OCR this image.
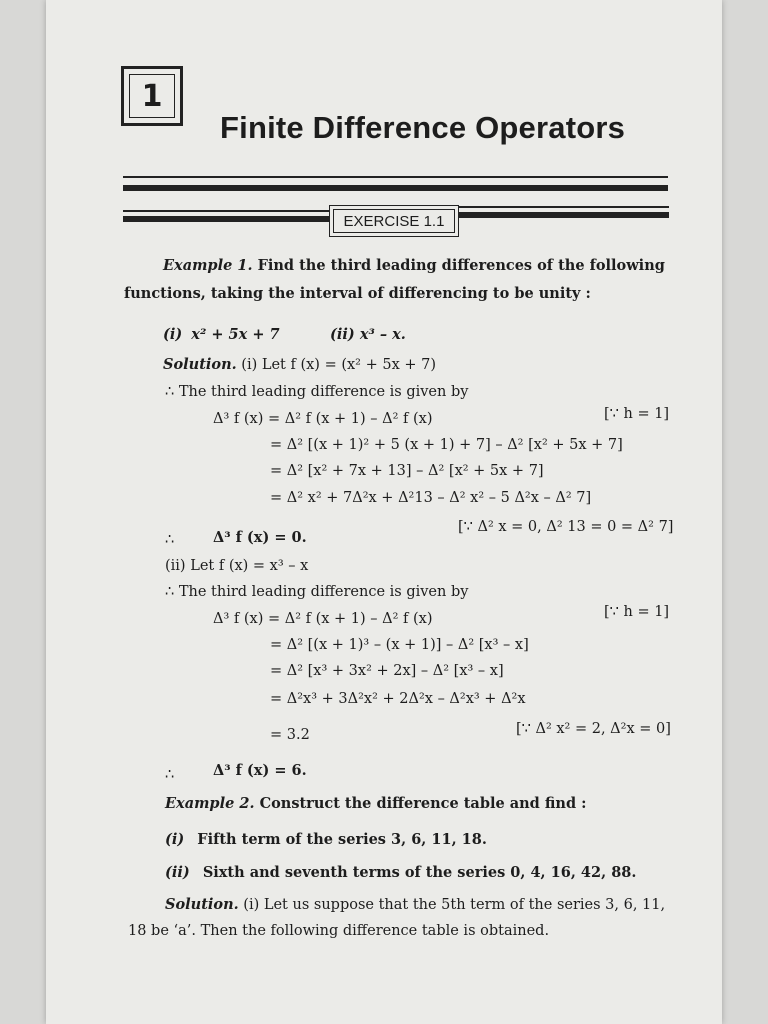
1
Finite Difference Operators
EXERCISE 1.1
Example 1. Find the third leading differences of the following
functions, taking the interval of differencing to be unity :
(i) x² + 5x + 7	(ii) x³ – x.
Solution. (i) Let f (x) = (x² + 5x + 7)
∴ The third leading difference is given by
Δ³ f (x) = Δ² f (x + 1) – Δ² f (x)	[∵ h = 1]
= Δ² [(x + 1)² + 5 (x + 1) + 7] – Δ² [x² + 5x + 7]
= Δ² [x² + 7x + 13] – Δ² [x² + 5x + 7]
= Δ² x² + 7Δ²x + Δ²13 – Δ² x² – 5 Δ²x – Δ² 7]
∴	Δ³ f (x) = 0.
[∵ Δ² x = 0, Δ² 13 = 0 = Δ² 7]
(ii) Let f (x) = x³ – x
∴ The third leading difference is given by
Δ³ f (x) = Δ² f (x + 1) – Δ² f (x)	[∵ h = 1]
= Δ² [(x + 1)³ – (x + 1)] – Δ² [x³ – x]
= Δ² [x³ + 3x² + 2x] – Δ² [x³ – x]
= Δ²x³ + 3Δ²x² + 2Δ²x – Δ²x³ + Δ²x
= 3.2	[∵ Δ² x² = 2, Δ²x = 0]
∴	Δ³ f (x) = 6.
Example 2. Construct the difference table and find :
(i) Fifth term of the series 3, 6, 11, 18.
(ii) Sixth and seventh terms of the series 0, 4, 16, 42, 88.
Solution. (i) Let us suppose that the 5th term of the series 3, 6, 11,
18 be ‘a’. Then the following difference table is obtained.
